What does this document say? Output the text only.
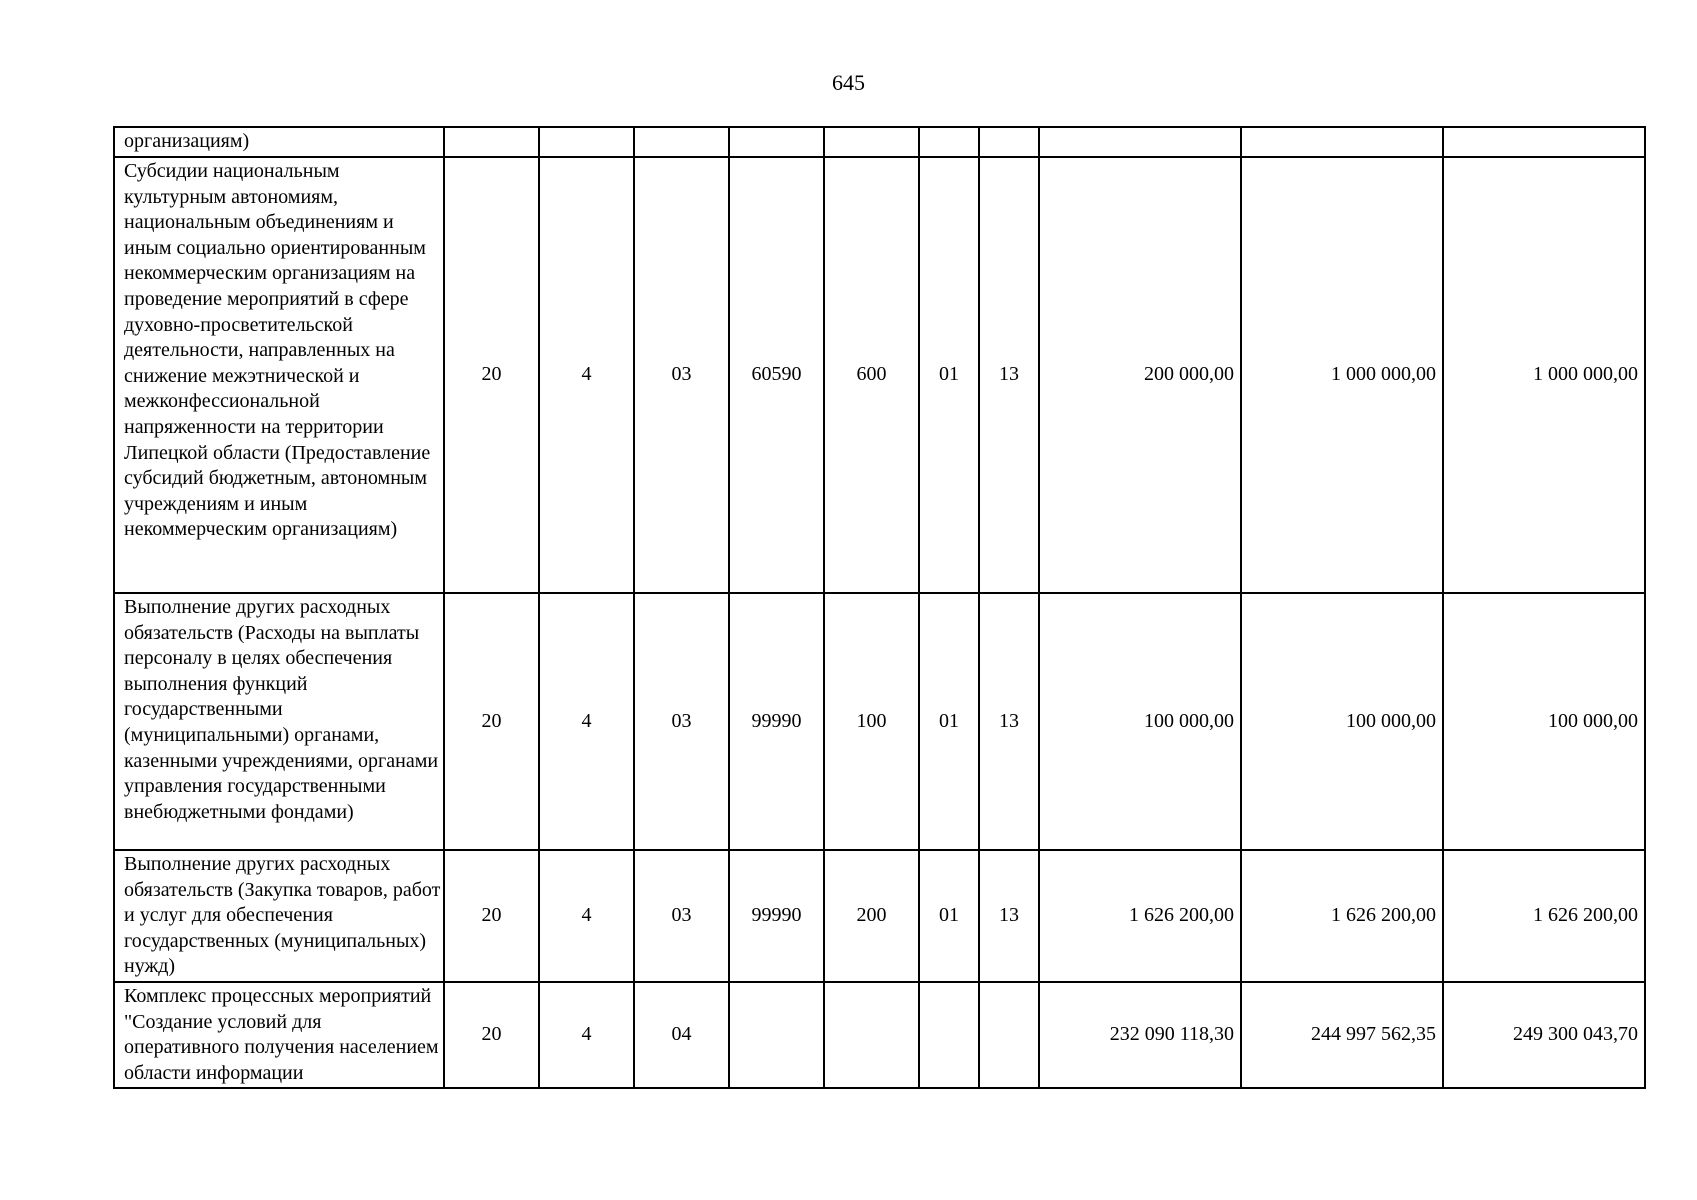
645
организациям)										
Субсидии национальным культурным автономиям, национальным объединениям и иным социально ориентированным некоммерческим организациям на проведение мероприятий в сфере духовно-просветительской деятельности, направленных на снижение межэтнической и межконфессиональной напряженности на территории Липецкой области (Предоставление субсидий бюджетным, автономным учреждениям и иным некоммерческим организациям)	20	4	03	60590	600	01	13	200 000,00	1 000 000,00	1 000 000,00
Выполнение других расходных обязательств (Расходы на выплаты персоналу в целях обеспечения выполнения функций государственными (муниципальными) органами, казенными учреждениями, органами управления государственными внебюджетными фондами)	20	4	03	99990	100	01	13	100 000,00	100 000,00	100 000,00
Выполнение других расходных обязательств (Закупка товаров, работ и услуг для обеспечения государственных (муниципальных) нужд)	20	4	03	99990	200	01	13	1 626 200,00	1 626 200,00	1 626 200,00
Комплекс процессных мероприятий "Создание условий для оперативного получения населением области информации	20	4	04					232 090 118,30	244 997 562,35	249 300 043,70
